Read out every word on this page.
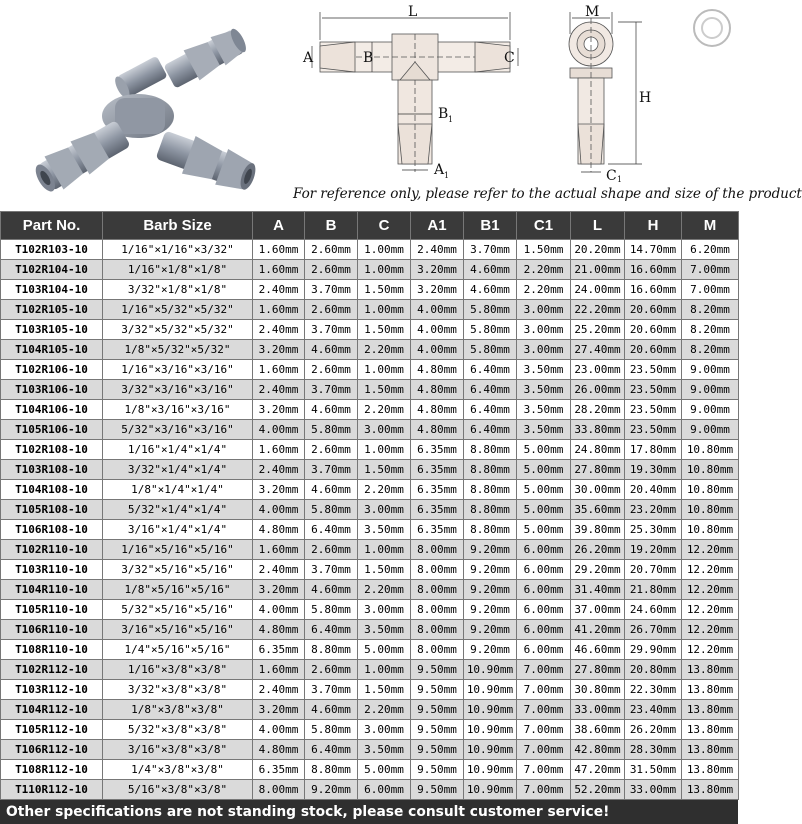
L
A	B	C
B 1
A 1
M
H
C 1
For reference only, please refer to the actual shape and size of the product
Part No.	Barb Size	A	B	C	A1	B1	C1	L	H	M
T102R103-10	1/16"×1/16"×3/32"	1.60mm	2.60mm	1.00mm	2.40mm	3.70mm	1.50mm	20.20mm	14.70mm	6.20mm
T102R104-10	1/16"×1/8"×1/8"	1.60mm	2.60mm	1.00mm	3.20mm	4.60mm	2.20mm	21.00mm	16.60mm	7.00mm
T103R104-10	3/32"×1/8"×1/8"	2.40mm	3.70mm	1.50mm	3.20mm	4.60mm	2.20mm	24.00mm	16.60mm	7.00mm
T102R105-10	1/16"×5/32"×5/32"	1.60mm	2.60mm	1.00mm	4.00mm	5.80mm	3.00mm	22.20mm	20.60mm	8.20mm
T103R105-10	3/32"×5/32"×5/32"	2.40mm	3.70mm	1.50mm	4.00mm	5.80mm	3.00mm	25.20mm	20.60mm	8.20mm
T104R105-10	1/8"×5/32"×5/32"	3.20mm	4.60mm	2.20mm	4.00mm	5.80mm	3.00mm	27.40mm	20.60mm	8.20mm
T102R106-10	1/16"×3/16"×3/16"	1.60mm	2.60mm	1.00mm	4.80mm	6.40mm	3.50mm	23.00mm	23.50mm	9.00mm
T103R106-10	3/32"×3/16"×3/16"	2.40mm	3.70mm	1.50mm	4.80mm	6.40mm	3.50mm	26.00mm	23.50mm	9.00mm
T104R106-10	1/8"×3/16"×3/16"	3.20mm	4.60mm	2.20mm	4.80mm	6.40mm	3.50mm	28.20mm	23.50mm	9.00mm
T105R106-10	5/32"×3/16"×3/16"	4.00mm	5.80mm	3.00mm	4.80mm	6.40mm	3.50mm	33.80mm	23.50mm	9.00mm
T102R108-10	1/16"×1/4"×1/4"	1.60mm	2.60mm	1.00mm	6.35mm	8.80mm	5.00mm	24.80mm	17.80mm	10.80mm
T103R108-10	3/32"×1/4"×1/4"	2.40mm	3.70mm	1.50mm	6.35mm	8.80mm	5.00mm	27.80mm	19.30mm	10.80mm
T104R108-10	1/8"×1/4"×1/4"	3.20mm	4.60mm	2.20mm	6.35mm	8.80mm	5.00mm	30.00mm	20.40mm	10.80mm
T105R108-10	5/32"×1/4"×1/4"	4.00mm	5.80mm	3.00mm	6.35mm	8.80mm	5.00mm	35.60mm	23.20mm	10.80mm
T106R108-10	3/16"×1/4"×1/4"	4.80mm	6.40mm	3.50mm	6.35mm	8.80mm	5.00mm	39.80mm	25.30mm	10.80mm
T102R110-10	1/16"×5/16"×5/16"	1.60mm	2.60mm	1.00mm	8.00mm	9.20mm	6.00mm	26.20mm	19.20mm	12.20mm
T103R110-10	3/32"×5/16"×5/16"	2.40mm	3.70mm	1.50mm	8.00mm	9.20mm	6.00mm	29.20mm	20.70mm	12.20mm
T104R110-10	1/8"×5/16"×5/16"	3.20mm	4.60mm	2.20mm	8.00mm	9.20mm	6.00mm	31.40mm	21.80mm	12.20mm
T105R110-10	5/32"×5/16"×5/16"	4.00mm	5.80mm	3.00mm	8.00mm	9.20mm	6.00mm	37.00mm	24.60mm	12.20mm
T106R110-10	3/16"×5/16"×5/16"	4.80mm	6.40mm	3.50mm	8.00mm	9.20mm	6.00mm	41.20mm	26.70mm	12.20mm
T108R110-10	1/4"×5/16"×5/16"	6.35mm	8.80mm	5.00mm	8.00mm	9.20mm	6.00mm	46.60mm	29.90mm	12.20mm
T102R112-10	1/16"×3/8"×3/8"	1.60mm	2.60mm	1.00mm	9.50mm	10.90mm	7.00mm	27.80mm	20.80mm	13.80mm
T103R112-10	3/32"×3/8"×3/8"	2.40mm	3.70mm	1.50mm	9.50mm	10.90mm	7.00mm	30.80mm	22.30mm	13.80mm
T104R112-10	1/8"×3/8"×3/8"	3.20mm	4.60mm	2.20mm	9.50mm	10.90mm	7.00mm	33.00mm	23.40mm	13.80mm
T105R112-10	5/32"×3/8"×3/8"	4.00mm	5.80mm	3.00mm	9.50mm	10.90mm	7.00mm	38.60mm	26.20mm	13.80mm
T106R112-10	3/16"×3/8"×3/8"	4.80mm	6.40mm	3.50mm	9.50mm	10.90mm	7.00mm	42.80mm	28.30mm	13.80mm
T108R112-10	1/4"×3/8"×3/8"	6.35mm	8.80mm	5.00mm	9.50mm	10.90mm	7.00mm	47.20mm	31.50mm	13.80mm
T110R112-10	5/16"×3/8"×3/8"	8.00mm	9.20mm	6.00mm	9.50mm	10.90mm	7.00mm	52.20mm	33.00mm	13.80mm
Other specifications are not standing stock, please consult customer service!
